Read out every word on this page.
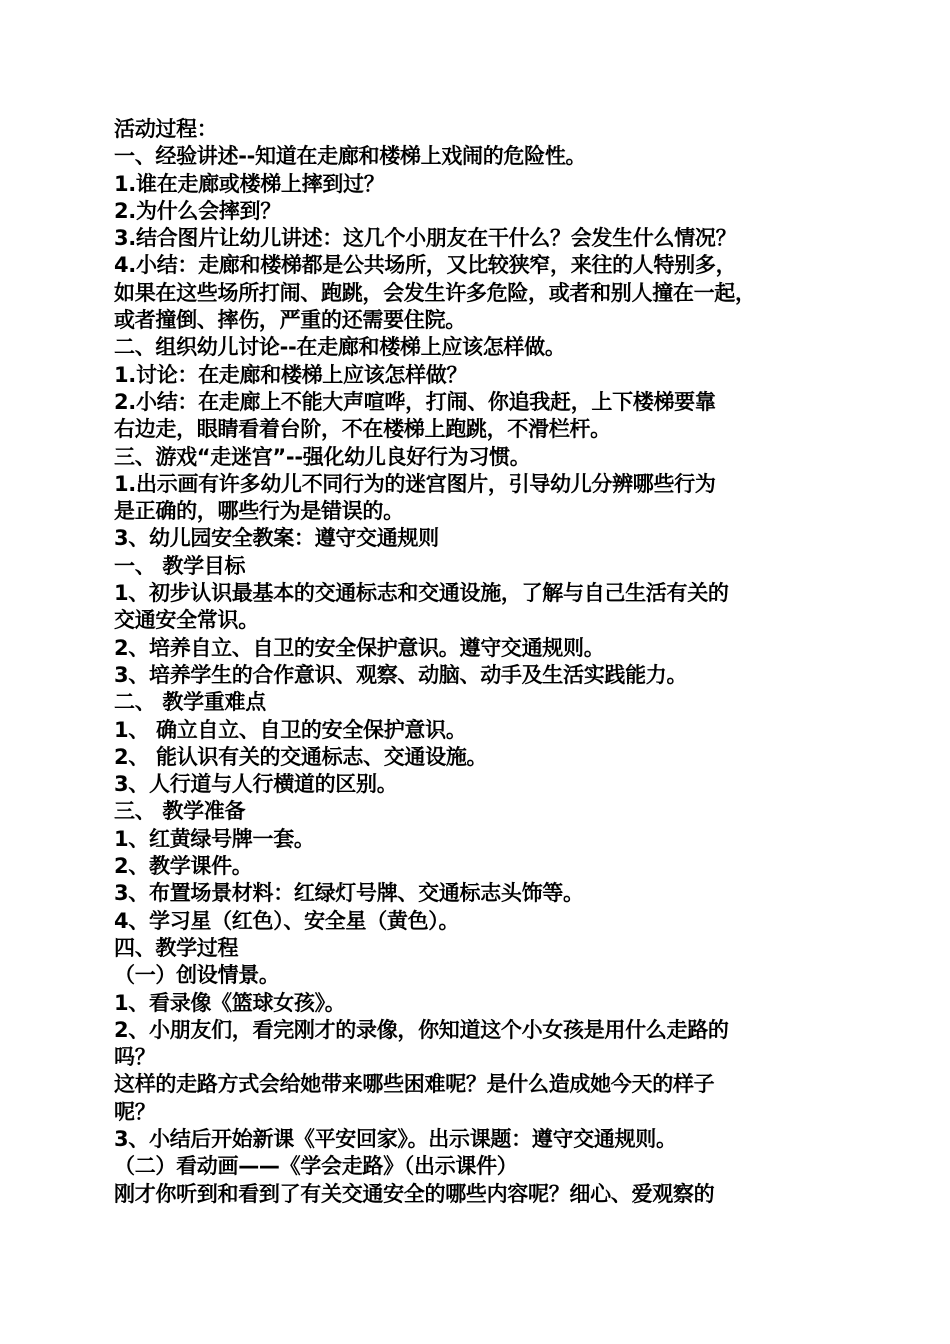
活动过程：
一、经验讲述--知道在走廊和楼梯上戏闹的危险性。
1.谁在走廊或楼梯上摔到过？
2.为什么会摔到？
3.结合图片让幼儿讲述：这几个小朋友在干什么？会发生什么情况？
4.小结：走廊和楼梯都是公共场所，又比较狭窄，来往的人特别多，
如果在这些场所打闹、跑跳，会发生许多危险，或者和别人撞在一起，
或者撞倒、摔伤，严重的还需要住院。
二、组织幼儿讨论--在走廊和楼梯上应该怎样做。
1.讨论：在走廊和楼梯上应该怎样做？
2.小结：在走廊上不能大声喧哗，打闹、你追我赶，上下楼梯要靠
右边走，眼睛看着台阶，不在楼梯上跑跳，不滑栏杆。
三、游戏“走迷宫”--强化幼儿良好行为习惯。
1.出示画有许多幼儿不同行为的迷宫图片，引导幼儿分辨哪些行为
是正确的，哪些行为是错误的。
3、幼儿园安全教案：遵守交通规则
一、 教学目标
1、初步认识最基本的交通标志和交通设施，了解与自己生活有关的
交通安全常识。
2、培养自立、自卫的安全保护意识。遵守交通规则。
3、培养学生的合作意识、观察、动脑、动手及生活实践能力。
二、 教学重难点
1、 确立自立、自卫的安全保护意识。
2、 能认识有关的交通标志、交通设施。
3、人行道与人行横道的区别。
三、 教学准备
1、红黄绿号牌一套。
2、教学课件。
3、布置场景材料：红绿灯号牌、交通标志头饰等。
4、学习星（红色）、安全星（黄色）。
四、教学过程
（一）创设情景。
1、看录像《篮球女孩》。
2、小朋友们，看完刚才的录像，你知道这个小女孩是用什么走路的
吗？
这样的走路方式会给她带来哪些困难呢？是什么造成她今天的样子
呢？
3、小结后开始新课《平安回家》。出示课题：遵守交通规则。
（二）看动画——《学会走路》（出示课件）
刚才你听到和看到了有关交通安全的哪些内容呢？细心、爱观察的
